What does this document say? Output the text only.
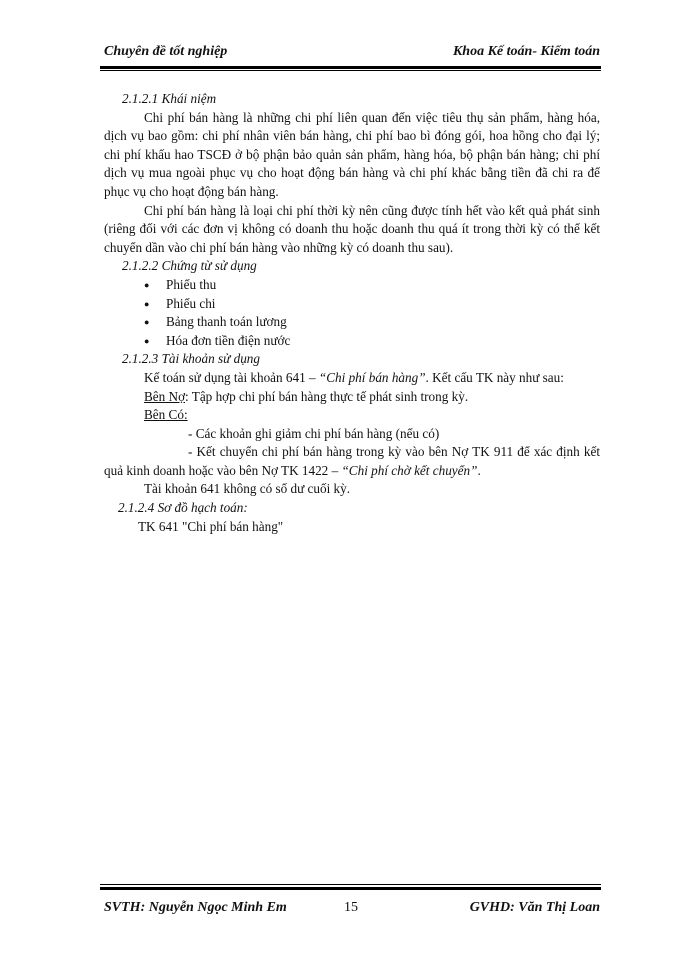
Chuyên đề tốt nghiệp	Khoa Kế toán- Kiểm toán

2.1.2.1 Khái niệm

Chi phí bán hàng là những chi phí liên quan đến việc tiêu thụ sản phẩm, hàng hóa, dịch vụ bao gồm: chi phí nhân viên bán hàng, chi phí bao bì đóng gói, hoa hồng cho đại lý; chi phí khấu hao TSCĐ ở bộ phận bảo quản sản phẩm, hàng hóa, bộ phận bán hàng; chi phí dịch vụ mua ngoài phục vụ cho hoạt động bán hàng và chi phí khác bằng tiền đã chi ra để phục vụ cho hoạt động bán hàng.

Chi phí bán hàng là loại chi phí thời kỳ nên cũng được tính hết vào kết quả phát sinh (riêng đối với các đơn vị không có doanh thu hoặc doanh thu quá ít trong thời kỳ có thể kết chuyển dần vào chi phí bán hàng vào những kỳ có doanh thu sau).

2.1.2.2 Chứng từ sử dụng

● Phiếu thu
● Phiếu chi
● Bảng thanh toán lương
● Hóa đơn tiền điện nước

2.1.2.3 Tài khoản sử dụng

Kế toán sử dụng tài khoản 641 – “Chi phí bán hàng”. Kết cấu TK này như sau:

Bên Nợ: Tập hợp chi phí bán hàng thực tế phát sinh trong kỳ.

Bên Có:

- Các khoản ghi giảm chi phí bán hàng (nếu có)

- Kết chuyển chi phí bán hàng trong kỳ vào bên Nợ TK 911 để xác định kết quả kinh doanh hoặc vào bên Nợ TK 1422 – “Chi phí chờ kết chuyển”.

Tài khoản 641 không có số dư cuối kỳ.

2.1.2.4 Sơ đồ hạch toán:

TK 641 "Chi phí bán hàng"

SVTH: Nguyễn Ngọc Minh Em	15	GVHD: Văn Thị Loan
